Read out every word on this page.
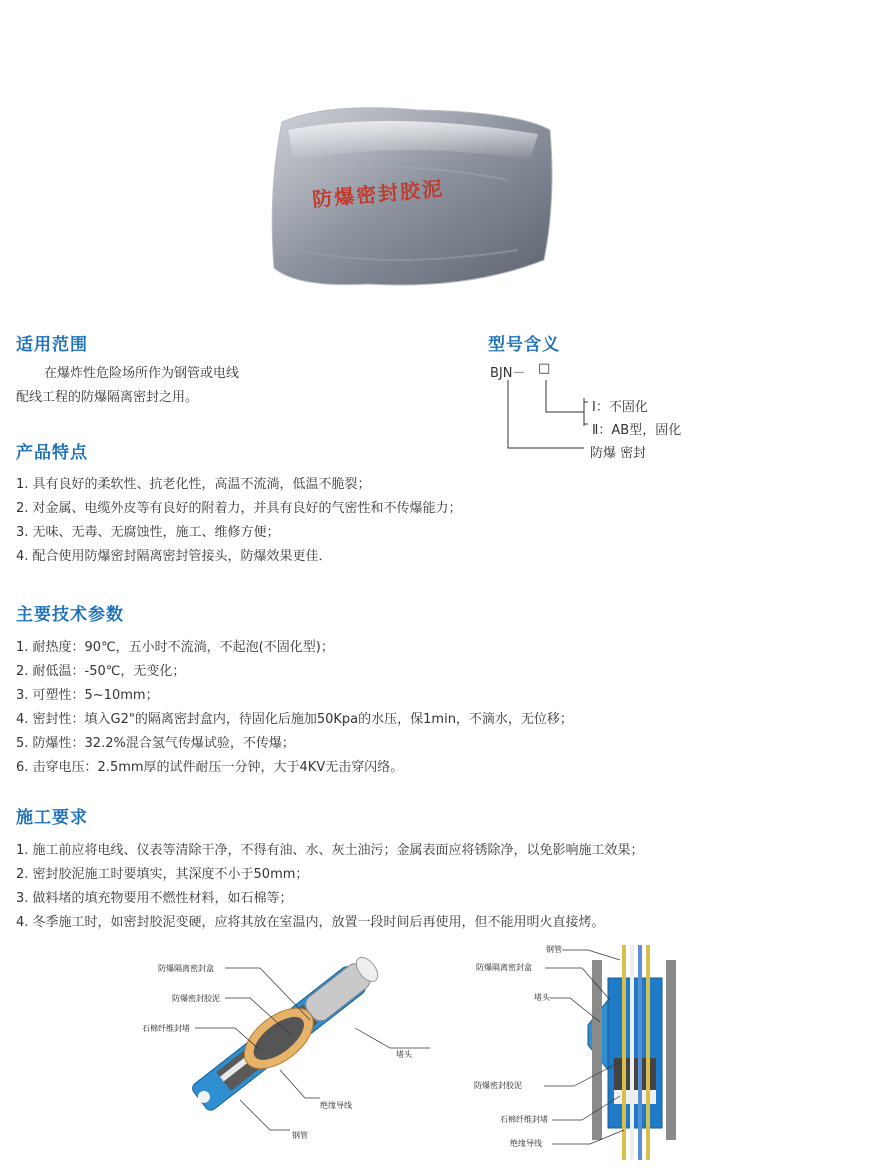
防爆密封胶泥
适用范围
在爆炸性危险场所作为钢管或电线
配线工程的防爆隔离密封之用。
型号含义
BJN－ □
Ⅰ：不固化
Ⅱ：AB型，固化
防爆 密封
产品特点
1. 具有良好的柔软性、抗老化性，高温不流淌，低温不脆裂；
2. 对金属、电缆外皮等有良好的附着力，并具有良好的气密性和不传爆能力；
3. 无味、无毒、无腐蚀性，施工、维修方便；
4. 配合使用防爆密封隔离密封管接头，防爆效果更佳．
主要技术参数
1. 耐热度：90℃，五小时不流淌，不起泡(不固化型)；
2. 耐低温：-50℃，无变化；
3. 可塑性：5~10mm；
4. 密封性：填入G2"的隔离密封盒内，待固化后施加50Kpa的水压，保1min，不滴水，无位移；
5. 防爆性：32.2%混合氢气传爆试验，不传爆；
6. 击穿电压：2.5mm厚的试件耐压一分钟，大于4KV无击穿闪络。
施工要求
1. 施工前应将电线、仪表等清除干净，不得有油、水、灰土油污；金属表面应将锈除净，以免影响施工效果；
2. 密封胶泥施工时要填实，其深度不小于50mm；
3. 做料堵的填充物要用不燃性材料，如石棉等；
4. 冬季施工时，如密封胶泥变硬，应将其放在室温内，放置一段时间后再使用，但不能用明火直接烤。
防爆隔离密封盒
防爆密封胶泥
石棉纤维封堵
堵头
绝缘导线
钢管
钢管
防爆隔离密封盒
堵头
防爆密封胶泥
石棉纤维封堵
绝缘导线
